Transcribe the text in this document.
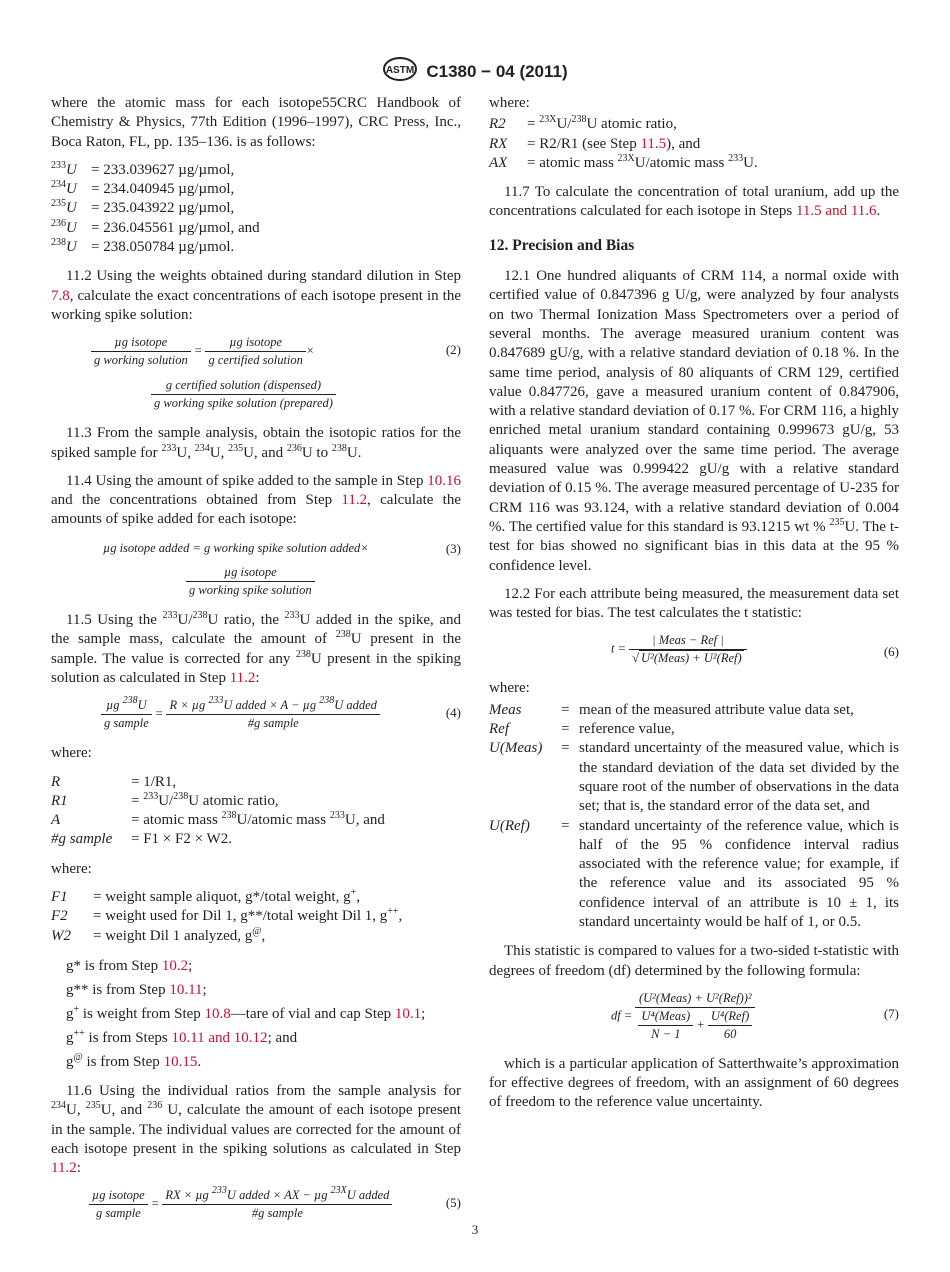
ASTM C1380 − 04 (2011)

where the atomic mass for each isotope55CRC Handbook of Chemistry & Physics, 77th Edition (1996–1997), CRC Press, Inc., Boca Raton, FL, pp. 135–136. is as follows:

$^{233}$U	= 233.039627 µg/µmol,
$^{234}$U	= 234.040945 µg/µmol,
$^{235}$U	= 235.043922 µg/µmol,
$^{236}$U	= 236.045561 µg/µmol, and
$^{238}$U	= 238.050784 µg/µmol.

11.2 Using the weights obtained during standard dilution in Step 7.8, calculate the exact concentrations of each isotope present in the working spike solution:

$\frac{\text{µg isotope}}{\text{g working solution}} = \frac{\text{µg isotope}}{\text{g certified solution}}$ ×
$\frac{\text{g certified solution (dispensed)}}{\text{g working spike solution (prepared)}}$
(2)

11.3 From the sample analysis, obtain the isotopic ratios for the spiked sample for $^{233}$U, $^{234}$U, $^{235}$U, and $^{236}$U to $^{238}$U.

11.4 Using the amount of spike added to the sample in Step 10.16 and the concentrations obtained from Step 11.2, calculate the amounts of spike added for each isotope:

µg isotope added = g working spike solution added×
$\frac{\text{µg isotope}}{\text{g working spike solution}}$
(3)

11.5 Using the $^{233}$U/$^{238}$U ratio, the $^{233}$U added in the spike, and the sample mass, calculate the amount of $^{238}$U present in the sample. The value is corrected for any $^{238}$U present in the spiking solution as calculated in Step 11.2:

$\frac{\mu g ^{238}U}{\text{g sample}} = \frac{R \times \mu g ^{233}U added \times A - \mu g ^{238}U added}{\text{\#g sample}}$	(4)

where:

R	= 1/R1,
R1	= $^{233}$U/$^{238}$U atomic ratio,
A	= atomic mass $^{238}$U/atomic mass $^{233}$U, and
#g sample	= F1 × F2 × W2.

where:

F1	= weight sample aliquot, g*/total weight, g+,
F2	= weight used for Dil 1, g**/total weight Dil 1, g++,
W2	= weight Dil 1 analyzed, g@,
g* is from Step 10.2;
g** is from Step 10.11;
g+ is weight from Step 10.8—tare of vial and cap Step 10.1;
g++ is from Steps 10.11 and 10.12; and
g@ is from Step 10.15.

11.6 Using the individual ratios from the sample analysis for $^{234}$U, $^{235}$U, and $^{236}$ U, calculate the amount of each isotope present in the sample. The individual values are corrected for the amount of each isotope present in the spiking solutions as calculated in Step 11.2:

$\frac{\text{µg isotope}}{\text{g sample}} = \frac{RX \times \mu g ^{233}U added \times AX - \mu g ^{23X}U added}{\text{\#g sample}}$	(5)

where:

R2	= $^{23X}$U/$^{238}$U atomic ratio,
RX	= R2/R1 (see Step 11.5), and
AX	= atomic mass $^{23X}$U/atomic mass $^{233}$U.

11.7 To calculate the concentration of total uranium, add up the concentrations calculated for each isotope in Steps 11.5 and 11.6.

12. Precision and Bias

12.1 One hundred aliquants of CRM 114, a normal oxide with certified value of 0.847396 g U/g, were analyzed by four analysts on two Thermal Ionization Mass Spectrometers over a period of several months. The average measured uranium content was 0.847689 gU/g, with a relative standard deviation of 0.18 %. In the same time period, analysis of 80 aliquants of CRM 129, certified value 0.847726, gave a measured uranium content of 0.847906, with a relative standard deviation of 0.17 %. For CRM 116, a highly enriched metal uranium standard containing 0.999673 gU/g, 53 aliquants were analyzed over the same time period. The average measured value was 0.999422 gU/g with a relative standard deviation of 0.15 %. The average measured percentage of U-235 for CRM 116 was 93.124, with a relative standard deviation of 0.004 %. The certified value for this standard is 93.1215 wt % $^{235}$U. The t-test for bias showed no significant bias in this data at the 95 % confidence level.

12.2 For each attribute being measured, the measurement data set was tested for bias. The test calculates the t statistic:

$t = \frac{\text{| Meas − Ref |}}{\text{√ U²(Meas) + U²(Ref)}}$	(6)

where:

Meas	=	mean of the measured attribute value data set,
Ref	=	reference value,
U(Meas)	=	standard uncertainty of the measured value, which is the standard deviation of the data set divided by the square root of the number of observations in the data set; that is, the standard error of the data set, and
U(Ref)	=	standard uncertainty of the reference value, which is half of the 95 % confidence interval radius associated with the reference value; for example, if the reference value and its associated 95 % confidence interval of an attribute is 10 ± 1, its standard uncertainty would be half of 1, or 0.5.

This statistic is compared to values for a two-sided t-statistic with degrees of freedom (df) determined by the following formula:

df = $\frac{\text{(U²(Meas) + U²(Ref))²}}{\frac{\text{U⁴(Meas)}}{N - 1} + \frac{\text{U⁴(Ref)}}{60}}$	(7)

which is a particular application of Satterthwaite’s approximation for effective degrees of freedom, with an assignment of 60 degrees of freedom to the reference value uncertainty.

3
